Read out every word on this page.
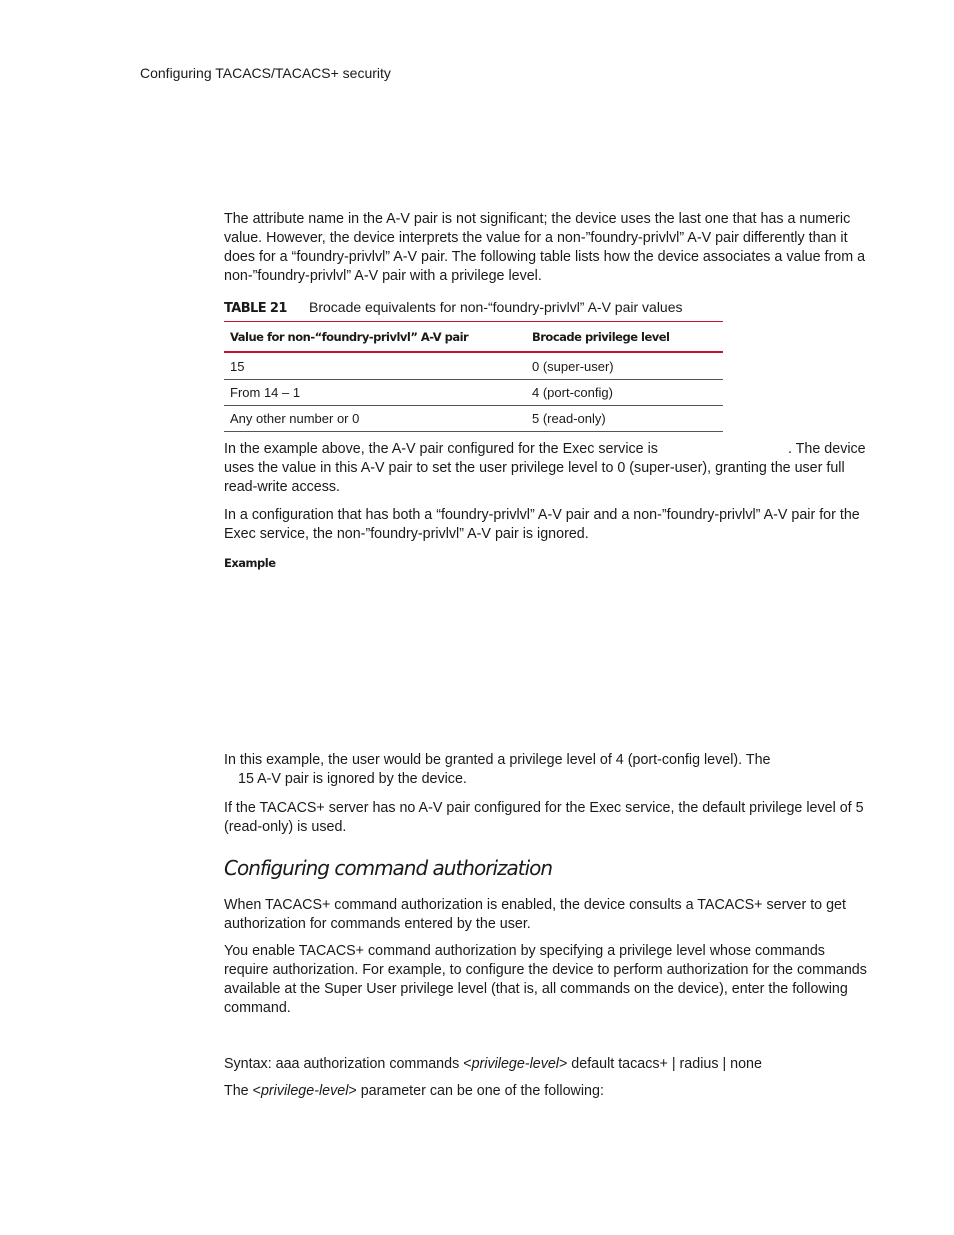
Configuring TACACS/TACACS+ security

The attribute name in the A-V pair is not significant; the device uses the last one that has a numeric value. However, the device interprets the value for a non-”foundry-privlvl” A-V pair differently than it does for a “foundry-privlvl” A-V pair. The following table lists how the device associates a value from a non-”foundry-privlvl” A-V pair with a privilege level.

TABLE 21 Brocade equivalents for non-“foundry-privlvl” A-V pair values
Value for non-“foundry-privlvl” A-V pair	Brocade privilege level
15	0 (super-user)
From 14 – 1	4 (port-config)
Any other number or 0	5 (read-only)
In the example above, the A-V pair configured for the Exec service is	. The device
uses the value in this A-V pair to set the user privilege level to 0 (super-user), granting the user full read-write access.

In a configuration that has both a “foundry-privlvl” A-V pair and a non-”foundry-privlvl” A-V pair for the Exec service, the non-”foundry-privlvl” A-V pair is ignored.

Example
In this example, the user would be granted a privilege level of 4 (port-config level). The
15 A-V pair is ignored by the device.

If the TACACS+ server has no A-V pair configured for the Exec service, the default privilege level of 5 (read-only) is used.

Configuring command authorization

When TACACS+ command authorization is enabled, the device consults a TACACS+ server to get authorization for commands entered by the user.

You enable TACACS+ command authorization by specifying a privilege level whose commands require authorization. For example, to configure the device to perform authorization for the commands available at the Super User privilege level (that is, all commands on the device), enter the following command.

Syntax: aaa authorization commands <privilege-level> default tacacs+ | radius | none

The <privilege-level> parameter can be one of the following:
